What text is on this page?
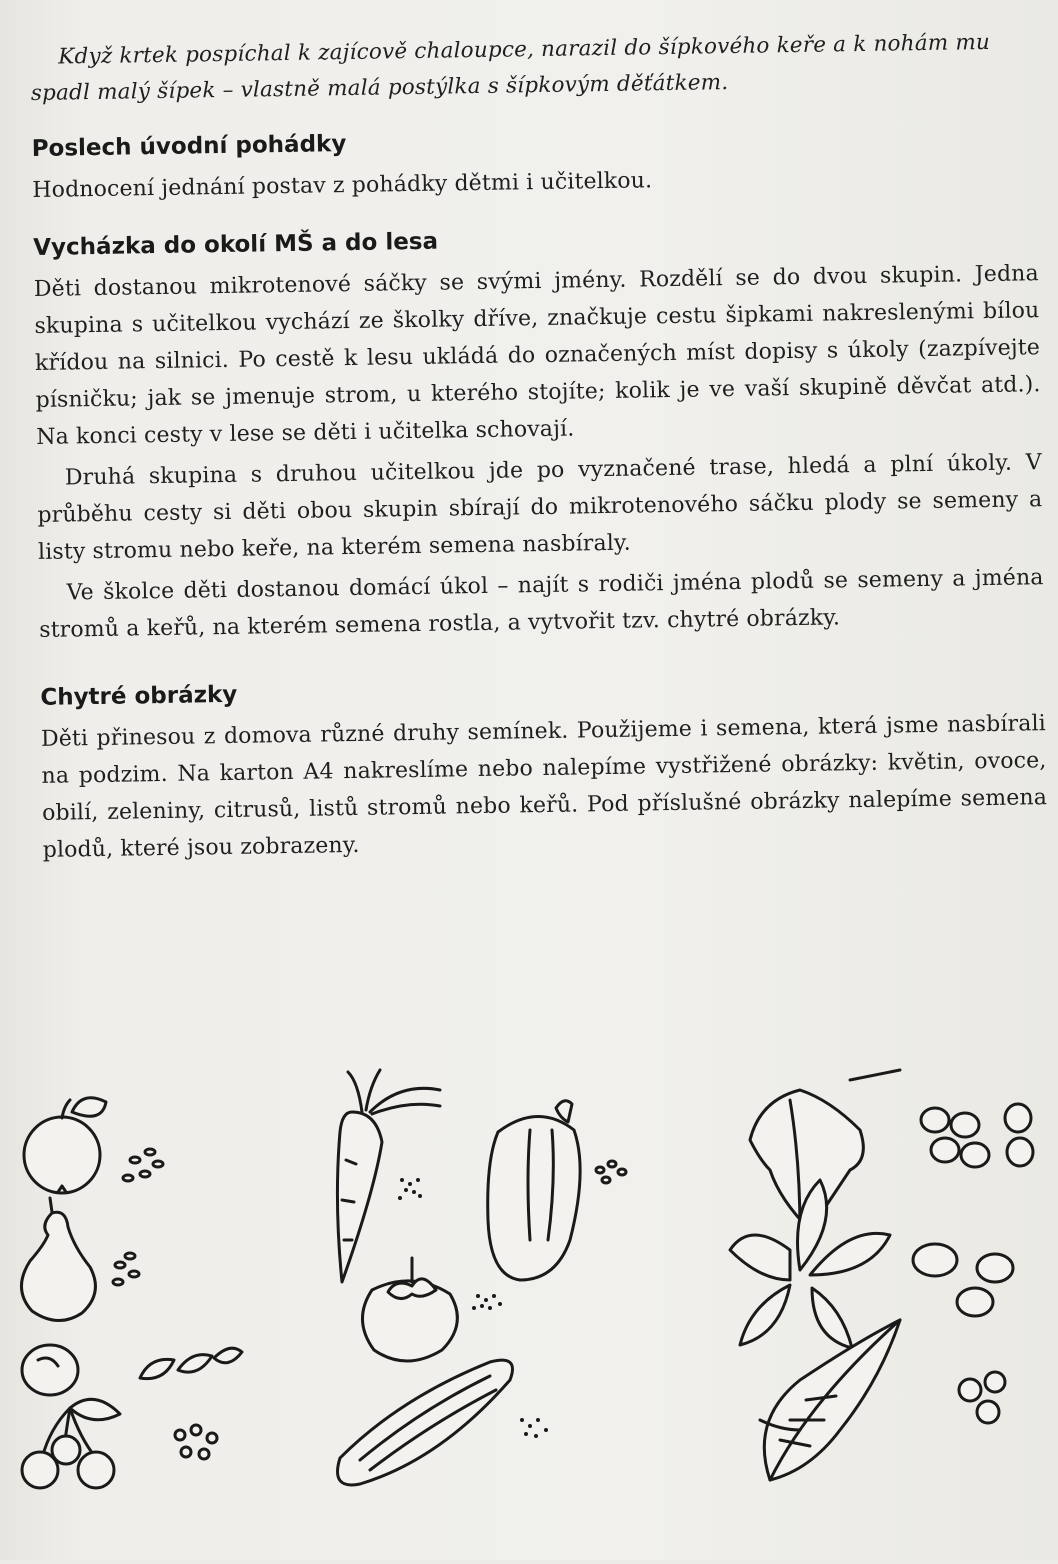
Když krtek pospíchal k zajícově chaloupce, narazil do šípkového keře a k nohám mu spadl malý šípek – vlastně malá postýlka s šípkovým děťátkem.

Poslech úvodní pohádky

Hodnocení jednání postav z pohádky dětmi i učitelkou.

Vycházka do okolí MŠ a do lesa

Děti dostanou mikrotenové sáčky se svými jmény. Rozdělí se do dvou skupin. Jedna skupina s učitelkou vychází ze školky dříve, značkuje cestu šipkami nakreslenými bílou křídou na silnici. Po cestě k lesu ukládá do označených míst dopisy s úkoly (zazpívejte písničku; jak se jmenuje strom, u kterého stojíte; kolik je ve vaší skupině děvčat atd.). Na konci cesty v lese se děti i učitelka schovají.

Druhá skupina s druhou učitelkou jde po vyznačené trase, hledá a plní úkoly. V průběhu cesty si děti obou skupin sbírají do mikrotenového sáčku plody se semeny a listy stromu nebo keře, na kterém semena nasbíraly.

Ve školce děti dostanou domácí úkol – najít s rodiči jména plodů se semeny a jména stromů a keřů, na kterém semena rostla, a vytvořit tzv. chytré obrázky.

Chytré obrázky

Děti přinesou z domova různé druhy semínek. Použijeme i semena, která jsme nasbírali na podzim. Na karton A4 nakreslíme nebo nalepíme vystřižené obrázky: květin, ovoce, obilí, zeleniny, citrusů, listů stromů nebo keřů. Pod příslušné obrázky nalepíme semena plodů, které jsou zobrazeny.
